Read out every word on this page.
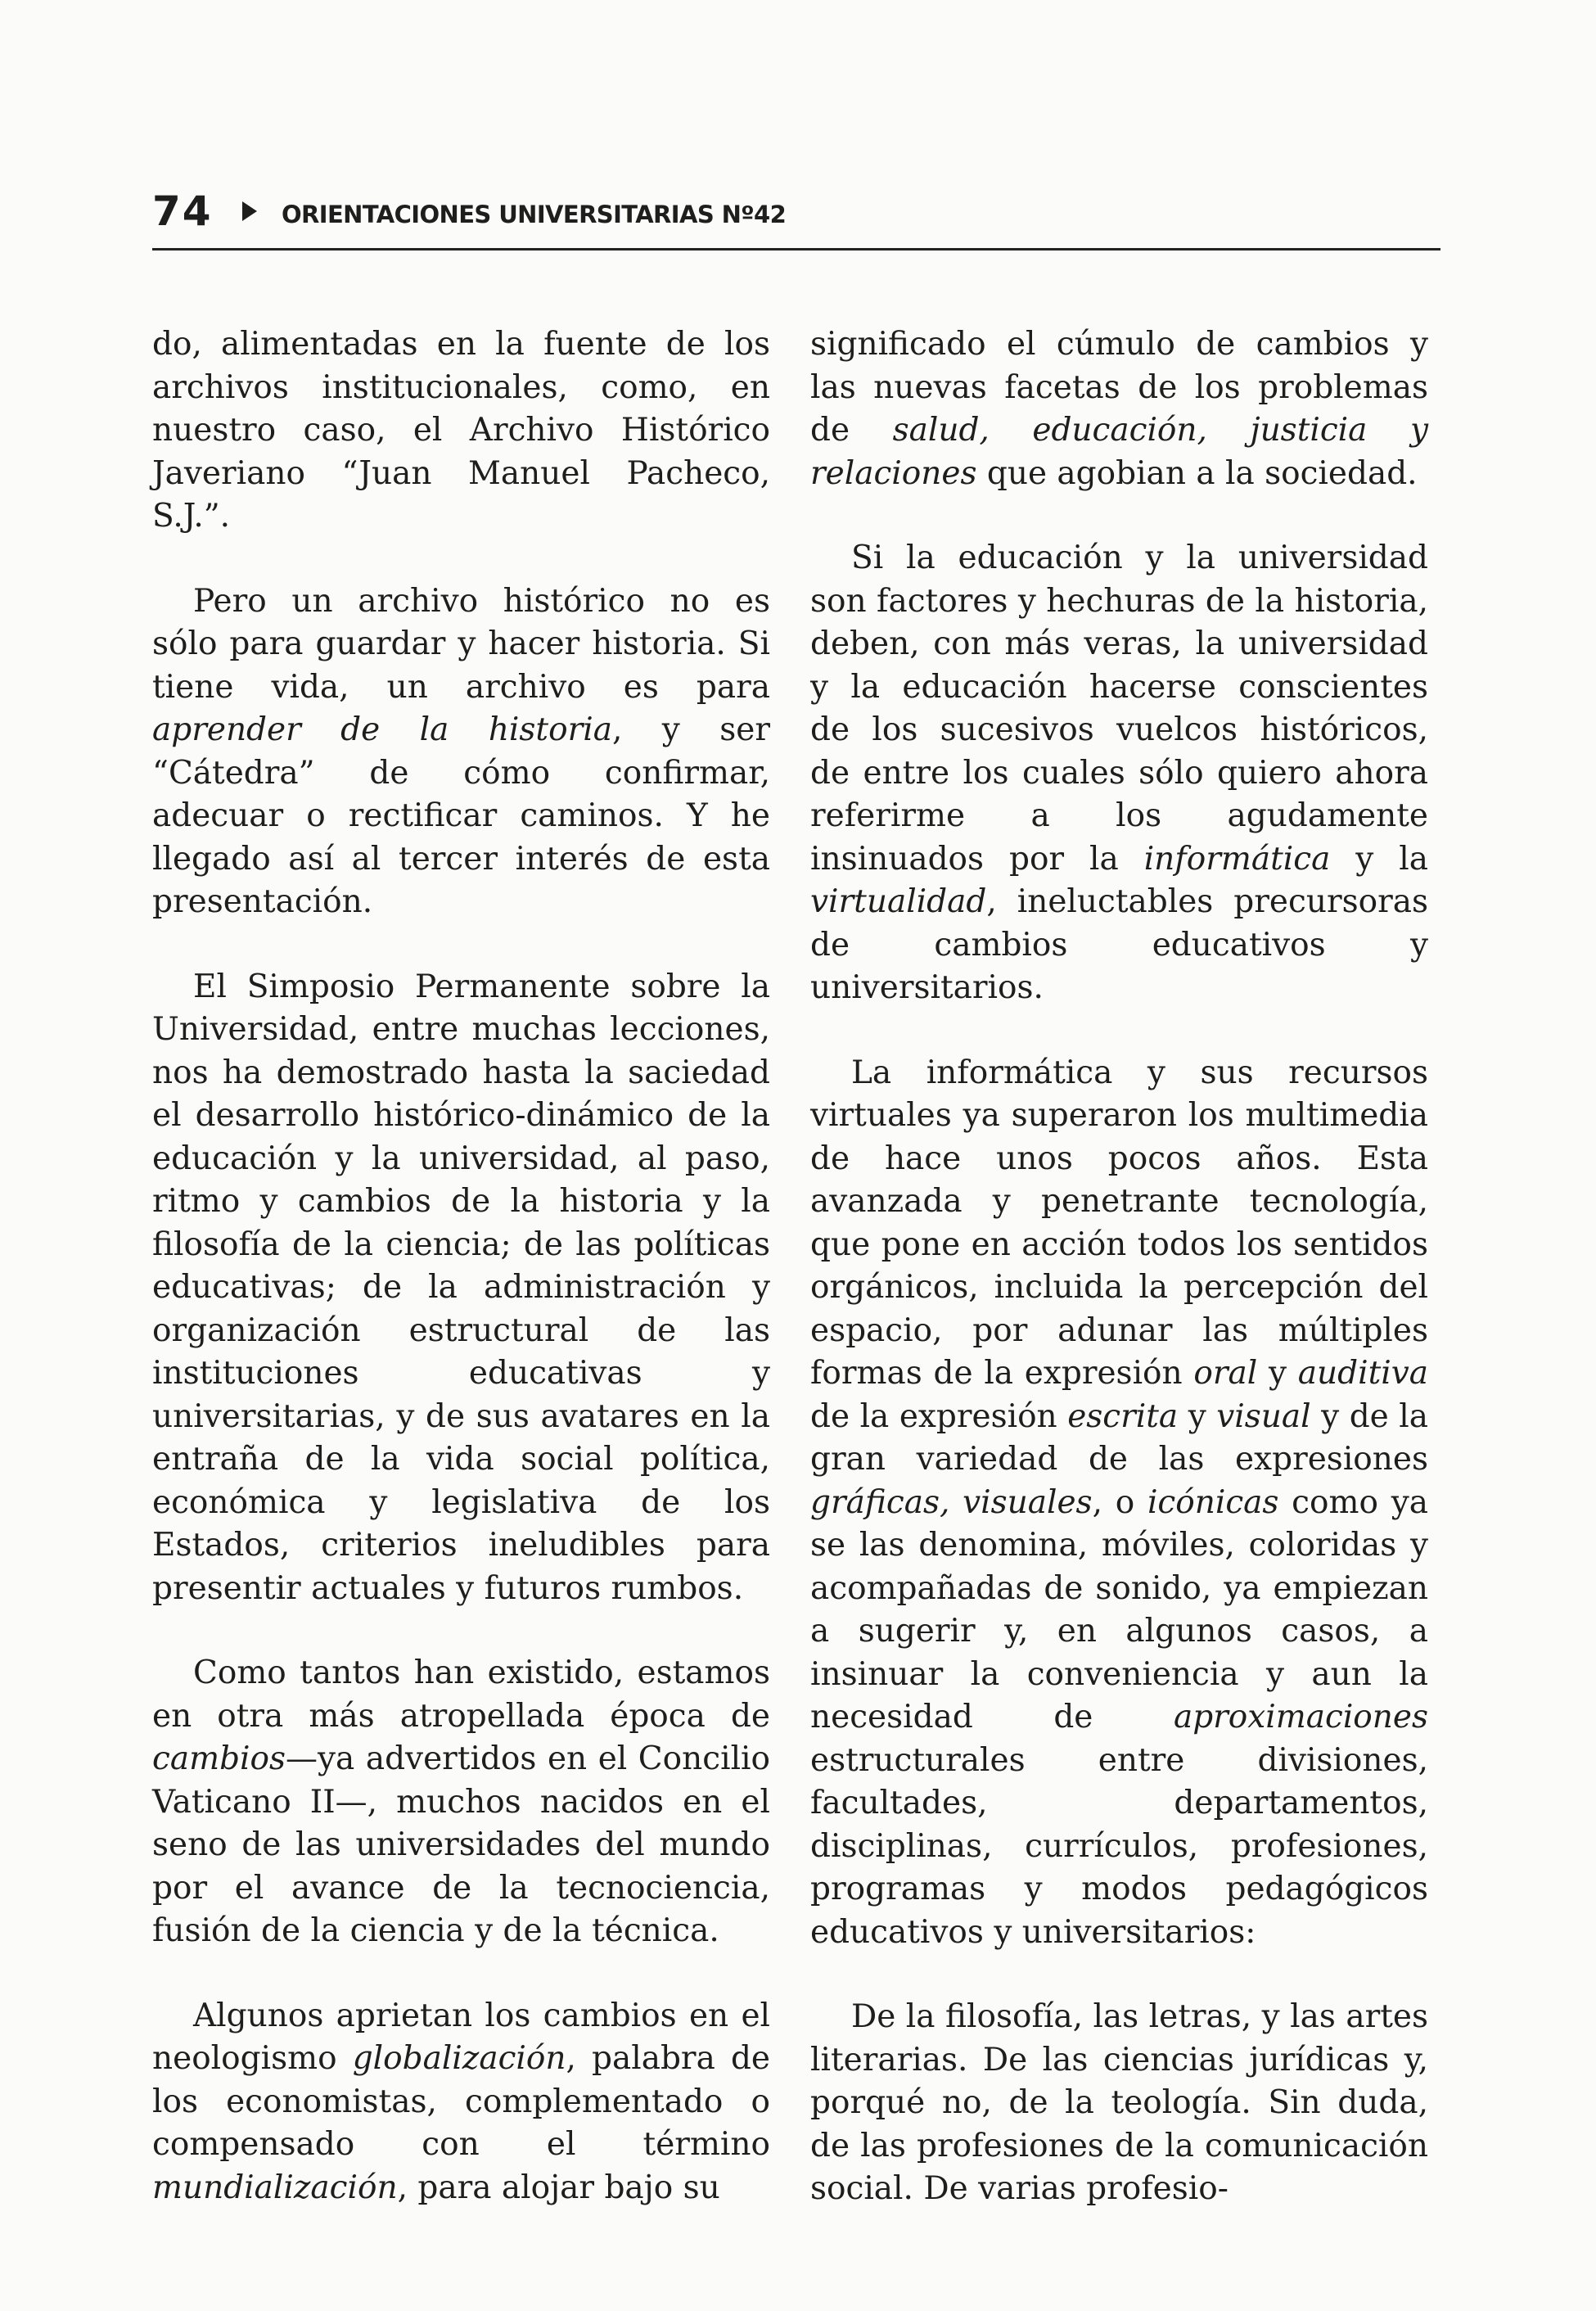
74	ORIENTACIONES UNIVERSITARIAS Nº42

do, alimentadas en la fuente de los archivos institucionales, como, en nuestro caso, el Archivo Histórico Javeriano “Juan Manuel Pacheco, S.J.”.

Pero un archivo histórico no es sólo para guardar y hacer historia. Si tiene vida, un archivo es para aprender de la historia, y ser “Cátedra” de cómo confirmar, adecuar o rectificar caminos. Y he llegado así al tercer interés de esta presentación.

El Simposio Permanente sobre la Universidad, entre muchas lecciones, nos ha demostrado hasta la saciedad el desarrollo histórico-dinámico de la educación y la universidad, al paso, ritmo y cambios de la historia y la filosofía de la ciencia; de las políticas educativas; de la administración y organización estructural de las instituciones educativas y universitarias, y de sus avatares en la entraña de la vida social política, económica y legislativa de los Estados, criterios ineludibles para presentir actuales y futuros rumbos.

Como tantos han existido, estamos en otra más atropellada época de cambios—ya advertidos en el Concilio Vaticano II—, muchos nacidos en el seno de las universidades del mundo por el avance de la tecnociencia, fusión de la ciencia y de la técnica.

Algunos aprietan los cambios en el neologismo globalización, palabra de los economistas, complementado o compensado con el término mundialización, para alojar bajo su

significado el cúmulo de cambios y las nuevas facetas de los problemas de salud, educación, justicia y relaciones que agobian a la sociedad.

Si la educación y la universidad son factores y hechuras de la historia, deben, con más veras, la universidad y la educación hacerse conscientes de los sucesivos vuelcos históricos, de entre los cuales sólo quiero ahora referirme a los agudamente insinuados por la informática y la virtualidad, ineluctables precursoras de cambios educativos y universitarios.

La informática y sus recursos virtuales ya superaron los multimedia de hace unos pocos años. Esta avanzada y penetrante tecnología, que pone en acción todos los sentidos orgánicos, incluida la percepción del espacio, por adunar las múltiples formas de la expresión oral y auditiva de la expresión escrita y visual y de la gran variedad de las expresiones gráficas, visuales, o icónicas como ya se las denomina, móviles, coloridas y acompañadas de sonido, ya empiezan a sugerir y, en algunos casos, a insinuar la conveniencia y aun la necesidad de aproximaciones estructurales entre divisiones, facultades, departamentos, disciplinas, currículos, profesiones, programas y modos pedagógicos educativos y universitarios:

De la filosofía, las letras, y las artes literarias. De las ciencias jurídicas y, porqué no, de la teología. Sin duda, de las profesiones de la comunicación social. De varias profesio-
